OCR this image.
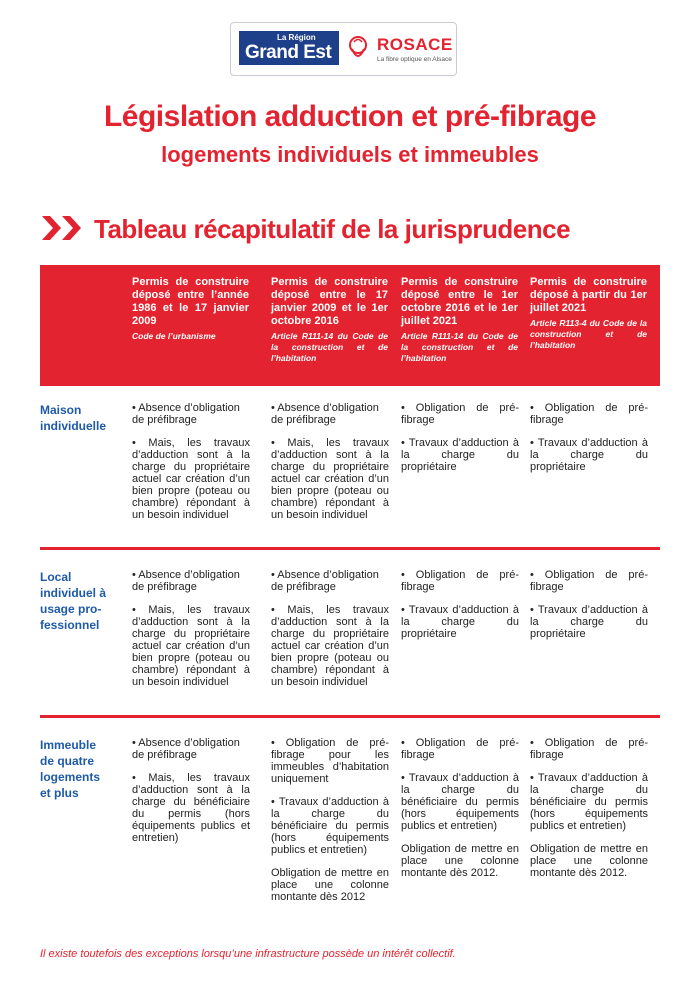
La Région
Grand Est	ROSACE
La fibre optique en Alsace
Législation adduction et pré-fibrage
logements individuels et immeubles
Tableau récapitulatif de la jurisprudence
Permis de construire déposé entre l’année 1986 et le 17 janvier 2009
Code de l’urbanisme
Permis de construire déposé entre le 17 janvier 2009 et le 1er octobre 2016
Article R111-14 du Code de la construction et de l’habitation
Permis de construire déposé entre le 1er octobre 2016 et le 1er juillet 2021
Article R111-14 du Code de la construction et de l’habitation
Permis de construire déposé à partir du 1er juillet 2021
Article R113-4 du Code de la construction et de l’habitation
Maison individuelle

• Absence d’obligation de préfibrage

• Mais, les travaux d’adduction sont à la charge du propriétaire actuel car création d’un bien propre (poteau ou chambre) répondant à un besoin individuel

• Absence d’obligation de préfibrage

• Mais, les travaux d’adduction sont à la charge du propriétaire actuel car création d’un bien propre (poteau ou chambre) répondant à un besoin individuel

• Obligation de pré-fibrage

• Travaux d’adduction à la charge du propriétaire

• Obligation de pré-fibrage

• Travaux d’adduction à la charge du propriétaire

Local individuel à usage pro-fessionnel

• Absence d’obligation de préfibrage

• Mais, les travaux d’adduction sont à la charge du propriétaire actuel car création d’un bien propre (poteau ou chambre) répondant à un besoin individuel

• Absence d’obligation de préfibrage

• Mais, les travaux d’adduction sont à la charge du propriétaire actuel car création d’un bien propre (poteau ou chambre) répondant à un besoin individuel

• Obligation de pré-fibrage

• Travaux d’adduction à la charge du propriétaire

• Obligation de pré-fibrage

• Travaux d’adduction à la charge du propriétaire

Immeuble de quatre logements et plus

• Absence d’obligation de préfibrage

• Mais, les travaux d’adduction sont à la charge du bénéficiaire du permis (hors équipements publics et entretien)

• Obligation de pré-fibrage pour les immeubles d’habitation uniquement

• Travaux d’adduction à la charge du bénéficiaire du permis (hors équipements publics et entretien)

Obligation de mettre en place une colonne montante dès 2012

• Obligation de pré-fibrage

• Travaux d’adduction à la charge du bénéficiaire du permis (hors équipements publics et entretien)

Obligation de mettre en place une colonne montante dès 2012.

• Obligation de pré-fibrage

• Travaux d’adduction à la charge du bénéficiaire du permis (hors équipements publics et entretien)

Obligation de mettre en place une colonne montante dès 2012.

Il existe toutefois des exceptions lorsqu’une infrastructure possède un intérêt collectif.
